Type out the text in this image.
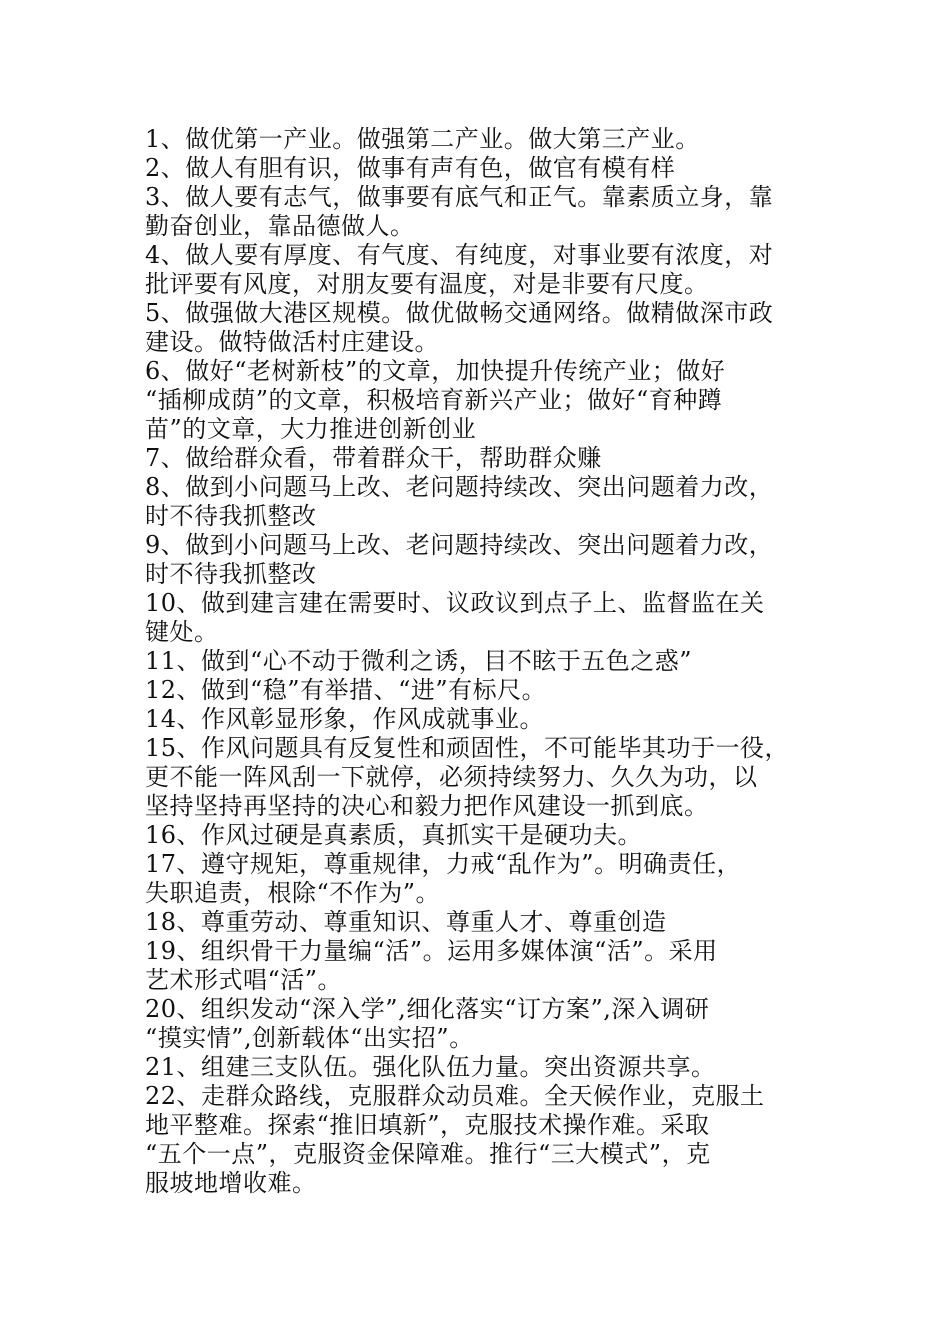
1、做优第一产业。做强第二产业。做大第三产业。
2、做人有胆有识，做事有声有色，做官有模有样
3、做人要有志气，做事要有底气和正气。靠素质立身，靠
勤奋创业，靠品德做人。
4、做人要有厚度、有气度、有纯度，对事业要有浓度，对
批评要有风度，对朋友要有温度，对是非要有尺度。
5、做强做大港区规模。做优做畅交通网络。做精做深市政
建设。做特做活村庄建设。
6、做好“老树新枝”的文章，加快提升传统产业；做好
“插柳成荫”的文章，积极培育新兴产业；做好“育种蹲
苗”的文章，大力推进创新创业
7、做给群众看，带着群众干，帮助群众赚
8、做到小问题马上改、老问题持续改、突出问题着力改，
时不待我抓整改
9、做到小问题马上改、老问题持续改、突出问题着力改，
时不待我抓整改
10、做到建言建在需要时、议政议到点子上、监督监在关
键处。
11、做到“心不动于微利之诱，目不眩于五色之惑”
12、做到“稳”有举措、“进”有标尺。
14、作风彰显形象，作风成就事业。
15、作风问题具有反复性和顽固性，不可能毕其功于一役，
更不能一阵风刮一下就停，必须持续努力、久久为功，以
坚持坚持再坚持的决心和毅力把作风建设一抓到底。
16、作风过硬是真素质，真抓实干是硬功夫。
17、遵守规矩，尊重规律，力戒“乱作为”。明确责任，
失职追责，根除“不作为”。
18、尊重劳动、尊重知识、尊重人才、尊重创造
19、组织骨干力量编“活”。运用多媒体演“活”。采用
艺术形式唱“活”。
20、组织发动“深入学”,细化落实“订方案”,深入调研
“摸实情”,创新载体“出实招”。
21、组建三支队伍。强化队伍力量。突出资源共享。
22、走群众路线，克服群众动员难。全天候作业，克服土
地平整难。探索“推旧填新”，克服技术操作难。采取
“五个一点”，克服资金保障难。推行“三大模式”，克
服坡地增收难。
